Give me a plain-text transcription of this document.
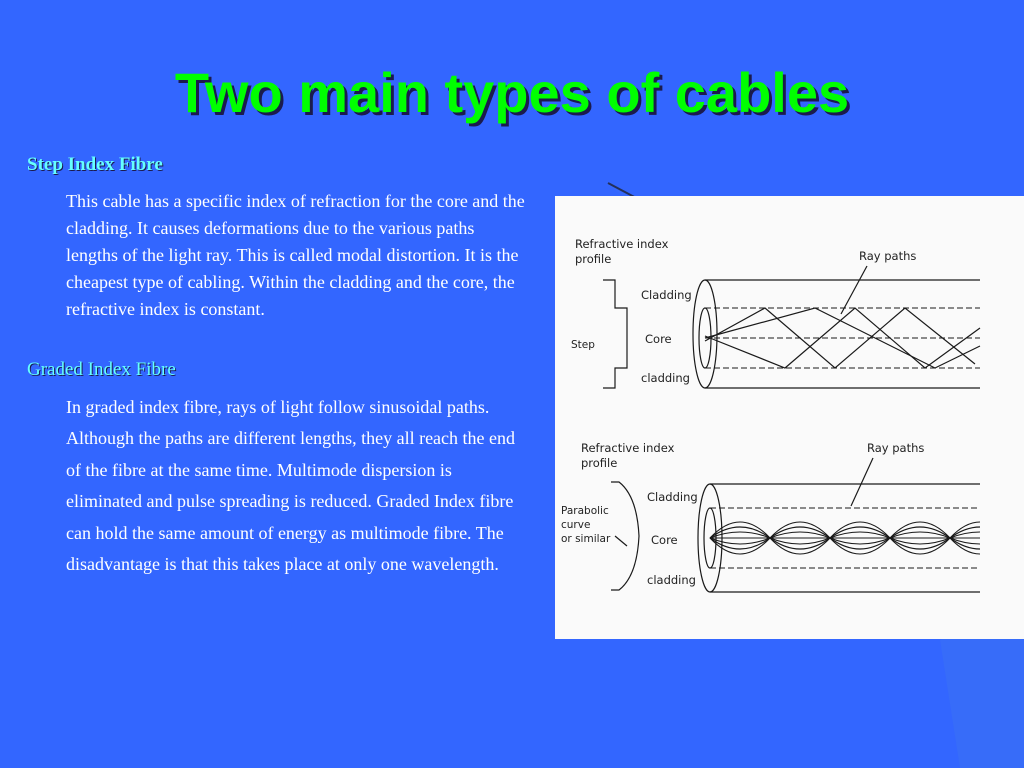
Two main types of cables
Step Index Fibre
This cable has a specific index of refraction for the core and the cladding. It causes deformations due to the various paths lengths of the light ray. This is called modal distortion. It is the cheapest type of cabling. Within the cladding and the core, the refractive index is constant.
Graded Index Fibre
In graded index fibre, rays of light follow sinusoidal paths. Although the paths are different lengths, they all reach the end of the fibre at the same time. Multimode dispersion is eliminated and pulse spreading is reduced. Graded Index fibre can hold the same amount of energy as multimode fibre. The disadvantage is that this takes place at only one wavelength.
Refractive index
profile	Ray paths
Step
Cladding
Core
cladding
Refractive index
profile
Ray paths
Parabolic
curve
or similar
Cladding
Core
cladding
